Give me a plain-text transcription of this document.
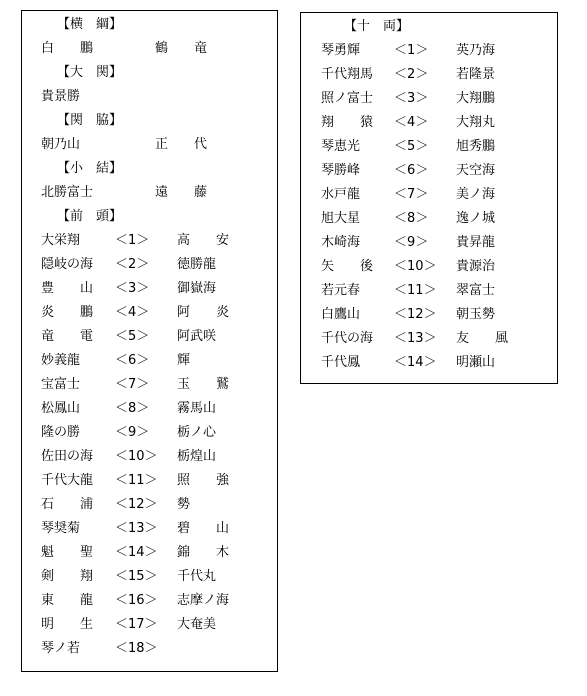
【横　綱】
白　　鵬	鶴　　竜
【大　関】
貴景勝
【関　脇】
朝乃山	正　　代
【小　結】
北勝富士	遠　　藤
【前　頭】
大栄翔	＜1＞ 高　　安
隠岐の海 ＜2＞ 徳勝龍
豊　　山 ＜3＞ 御嶽海
炎　　鵬 ＜4＞ 阿　　炎
竜　　電 ＜5＞ 阿武咲
妙義龍	＜6＞ 輝
宝富士	＜7＞ 玉　　鷲
松鳳山	＜8＞ 霧馬山
隆の勝	＜9＞ 栃ノ心
佐田の海 ＜10＞ 栃煌山
千代大龍 ＜11＞ 照　　強
石　　浦 ＜12＞ 勢
琴奨菊	＜13＞ 碧　　山
魁　　聖 ＜14＞ 錦　　木
剣　　翔 ＜15＞ 千代丸
東　　龍 ＜16＞ 志摩ノ海
明　　生 ＜17＞ 大奄美
琴ノ若	＜18＞
【十　両】
琴勇輝	＜1＞ 英乃海
千代翔馬 ＜2＞ 若隆景
照ノ富士 ＜3＞ 大翔鵬
翔　　猿 ＜4＞ 大翔丸
琴恵光	＜5＞ 旭秀鵬
琴勝峰	＜6＞ 天空海
水戸龍	＜7＞ 美ノ海
旭大星	＜8＞ 逸ノ城
木崎海	＜9＞ 貴昇龍
矢　　後 ＜10＞ 貴源治
若元春	＜11＞ 翠富士
白鷹山	＜12＞ 朝玉勢
千代の海 ＜13＞ 友　　風
千代鳳	＜14＞ 明瀬山
